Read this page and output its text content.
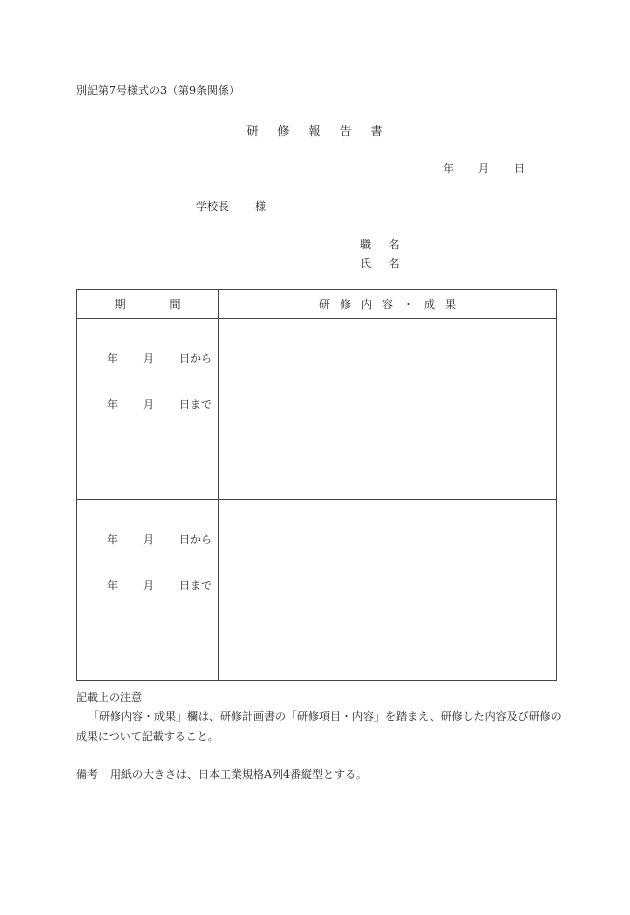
別記第7号様式の3（第9条関係）
研 修 報 告 書
年 月 日
学校長 様
職 名
氏 名
期 間	研 修 内 容 ・ 成 果

年 月 日から
年 月 日まで	

年 月 日から
年 月 日まで	

記載上の注意
「研修内容・成果」欄は、研修計画書の「研修項目・内容」を踏まえ、研修した内容及び研修の成果について記載すること。
備考 用紙の大きさは、日本工業規格A列4番縦型とする。
